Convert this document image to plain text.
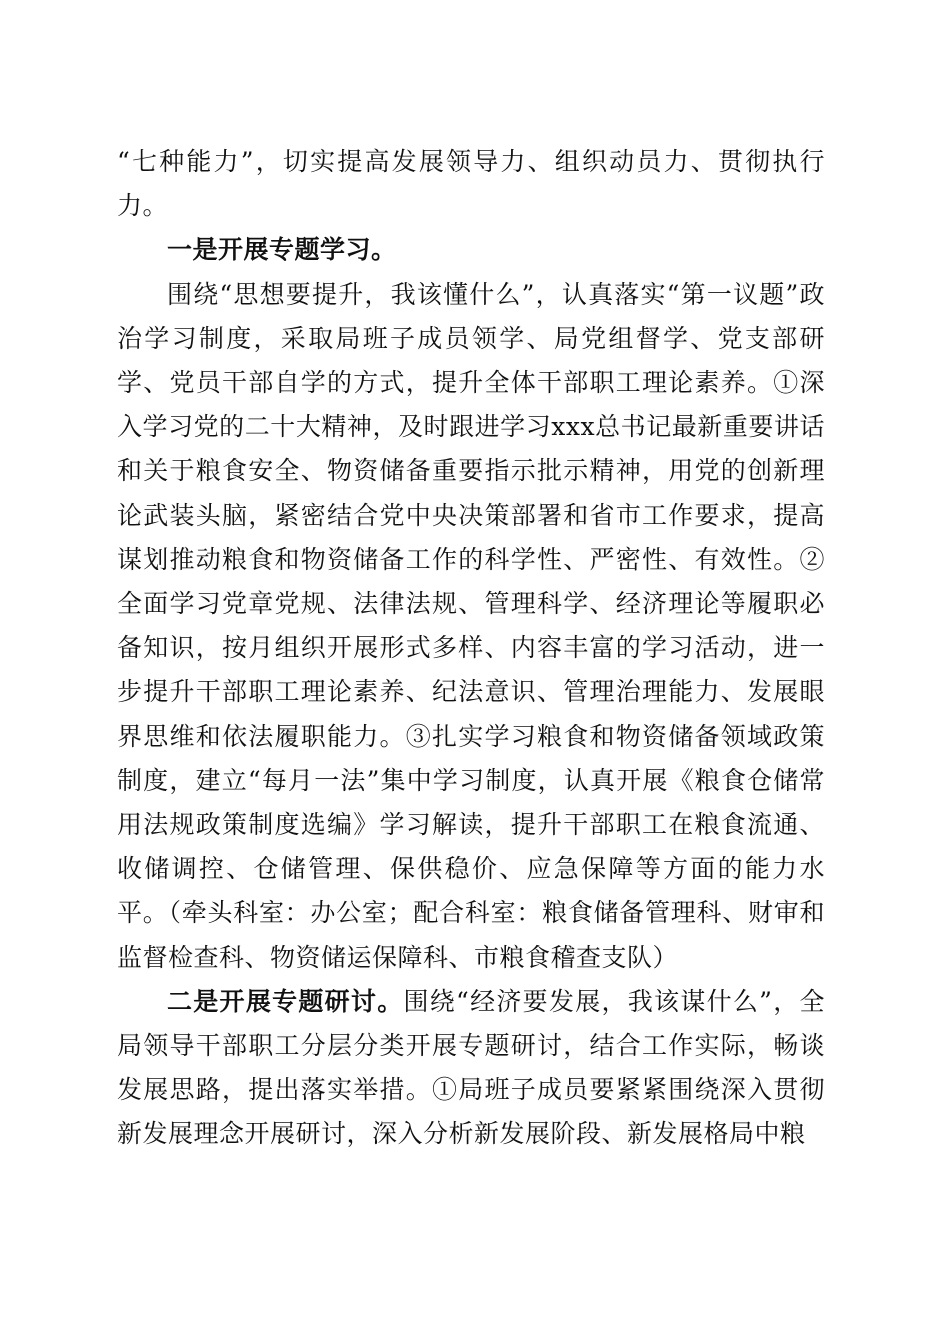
“七种能力”，切实提高发展领导力、组织动员力、贯彻执行力。

一是开展专题学习。

围绕“思想要提升，我该懂什么”，认真落实“第一议题”政治学习制度，采取局班子成员领学、局党组督学、党支部研学、党员干部自学的方式，提升全体干部职工理论素养。①深入学习党的二十大精神，及时跟进学习xxx总书记最新重要讲话和关于粮食安全、物资储备重要指示批示精神，用党的创新理论武装头脑，紧密结合党中央决策部署和省市工作要求，提高谋划推动粮食和物资储备工作的科学性、严密性、有效性。②全面学习党章党规、法律法规、管理科学、经济理论等履职必备知识，按月组织开展形式多样、内容丰富的学习活动，进一步提升干部职工理论素养、纪法意识、管理治理能力、发展眼界思维和依法履职能力。③扎实学习粮食和物资储备领域政策制度，建立“每月一法”集中学习制度，认真开展《粮食仓储常用法规政策制度选编》学习解读，提升干部职工在粮食流通、收储调控、仓储管理、保供稳价、应急保障等方面的能力水平。（牵头科室：办公室；配合科室：粮食储备管理科、财审和监督检查科、物资储运保障科、市粮食稽查支队）

二是开展专题研讨。围绕“经济要发展，我该谋什么”，全局领导干部职工分层分类开展专题研讨，结合工作实际，畅谈发展思路，提出落实举措。①局班子成员要紧紧围绕深入贯彻新发展理念开展研讨，深入分析新发展阶段、新发展格局中粮
